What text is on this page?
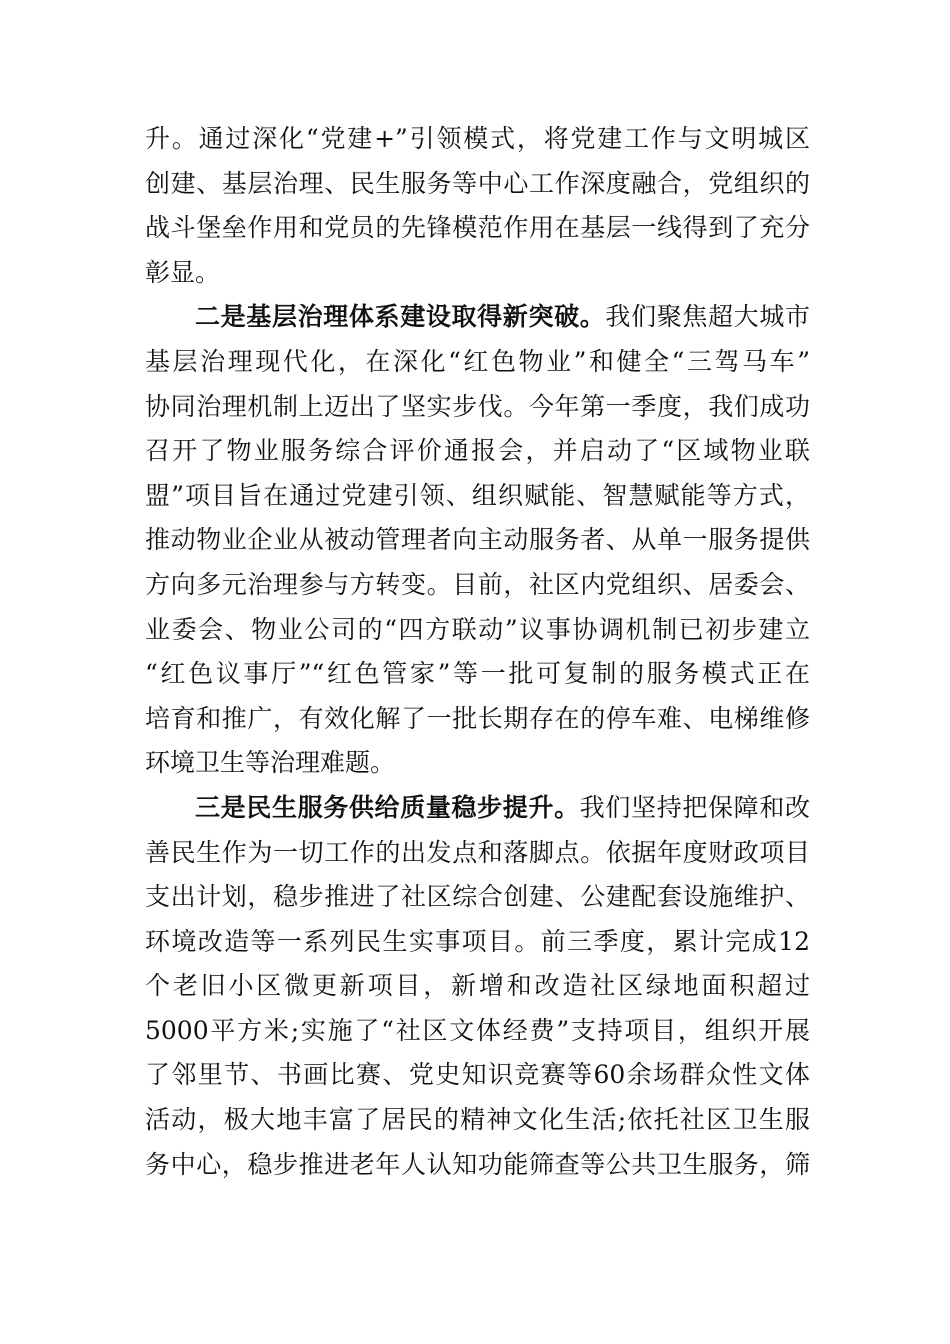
升。通过深化“党建+”引领模式，将党建工作与文明城区
创建、基层治理、民生服务等中心工作深度融合，党组织的
战斗堡垒作用和党员的先锋模范作用在基层一线得到了充分
彰显。
二是基层治理体系建设取得新突破。我们聚焦超大城市
基层治理现代化，在深化“红色物业”和健全“三驾马车”
协同治理机制上迈出了坚实步伐。今年第一季度，我们成功
召开了物业服务综合评价通报会，并启动了“区域物业联
盟”项目旨在通过党建引领、组织赋能、智慧赋能等方式，
推动物业企业从被动管理者向主动服务者、从单一服务提供
方向多元治理参与方转变。目前，社区内党组织、居委会、
业委会、物业公司的“四方联动”议事协调机制已初步建立
“红色议事厅”“红色管家”等一批可复制的服务模式正在
培育和推广，有效化解了一批长期存在的停车难、电梯维修
环境卫生等治理难题。
三是民生服务供给质量稳步提升。我们坚持把保障和改
善民生作为一切工作的出发点和落脚点。依据年度财政项目
支出计划，稳步推进了社区综合创建、公建配套设施维护、
环境改造等一系列民生实事项目。前三季度，累计完成12
个老旧小区微更新项目，新增和改造社区绿地面积超过
5000平方米;实施了“社区文体经费”支持项目，组织开展
了邻里节、书画比赛、党史知识竞赛等60余场群众性文体
活动，极大地丰富了居民的精神文化生活;依托社区卫生服
务中心，稳步推进老年人认知功能筛查等公共卫生服务，筛
